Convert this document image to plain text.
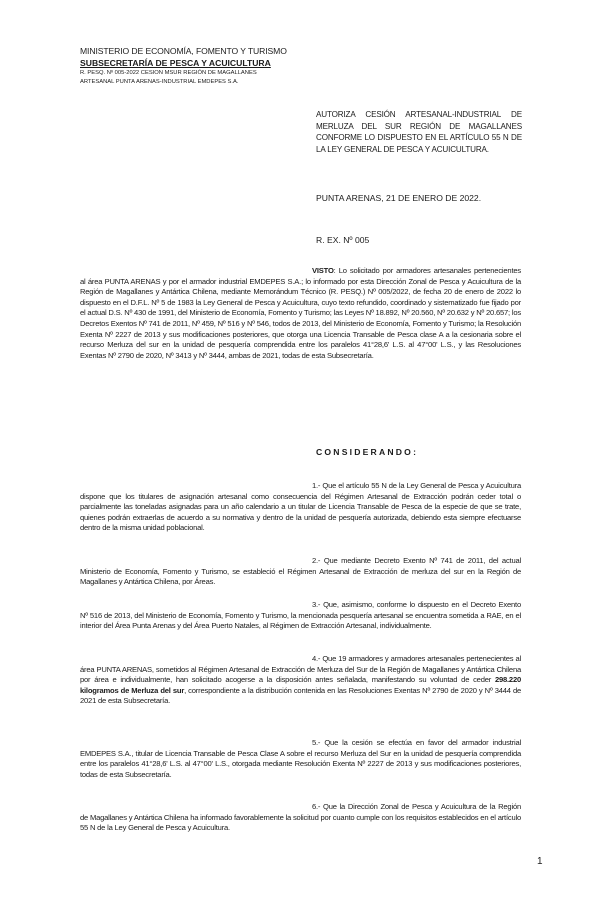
MINISTERIO DE ECONOMÍA, FOMENTO Y TURISMO
SUBSECRETARÍA DE PESCA Y ACUICULTURA
R. PESQ. Nº 005-2022 CESION MSUR REGIÓN DE MAGALLANES
ARTESANAL PUNTA ARENAS-INDUSTRIAL EMDEPES S.A.
AUTORIZA CESIÓN ARTESANAL-INDUSTRIAL DE MERLUZA DEL SUR REGIÓN DE MAGALLANES CONFORME LO DISPUESTO EN EL ARTÍCULO 55 N DE LA LEY GENERAL DE PESCA Y ACUICULTURA.
PUNTA ARENAS, 21 DE ENERO DE 2022.
R. EX. Nº 005
VISTO: Lo solicitado por armadores artesanales pertenecientes al área PUNTA ARENAS y por el armador industrial EMDEPES S.A.; lo informado por esta Dirección Zonal de Pesca y Acuicultura de la Región de Magallanes y Antártica Chilena, mediante Memorándum Técnico (R. PESQ.) Nº 005/2022, de fecha 20 de enero de 2022 lo dispuesto en el D.F.L. Nº 5 de 1983 la Ley General de Pesca y Acuicultura, cuyo texto refundido, coordinado y sistematizado fue fijado por el actual D.S. Nº 430 de 1991, del Ministerio de Economía, Fomento y Turismo; las Leyes Nº 18.892, Nº 20.560, Nº 20.632 y Nº 20.657; los Decretos Exentos Nº 741 de 2011, Nº 459, Nº 516 y Nº 546, todos de 2013, del Ministerio de Economía, Fomento y Turismo; la Resolución Exenta Nº 2227 de 2013 y sus modificaciones posteriores, que otorga una Licencia Transable de Pesca clase A a la cesionaria sobre el recurso Merluza del sur en la unidad de pesquería comprendida entre los paralelos 41°28,6' L.S. al 47°00' L.S., y las Resoluciones Exentas Nº 2790 de 2020, Nº 3413 y Nº 3444, ambas de 2021, todas de esta Subsecretaría.
CONSIDERANDO:
1.- Que el artículo 55 N de la Ley General de Pesca y Acuicultura dispone que los titulares de asignación artesanal como consecuencia del Régimen Artesanal de Extracción podrán ceder total o parcialmente las toneladas asignadas para un año calendario a un titular de Licencia Transable de Pesca de la especie de que se trate, quienes podrán extraerlas de acuerdo a su normativa y dentro de la unidad de pesquería autorizada, debiendo esta siempre efectuarse dentro de la misma unidad poblacional.
2.- Que mediante Decreto Exento Nº 741 de 2011, del actual Ministerio de Economía, Fomento y Turismo, se estableció el Régimen Artesanal de Extracción de merluza del sur en la Región de Magallanes y Antártica Chilena, por Áreas.
3.- Que, asimismo, conforme lo dispuesto en el Decreto Exento Nº 516 de 2013, del Ministerio de Economía, Fomento y Turismo, la mencionada pesquería artesanal se encuentra sometida a RAE, en el interior del Área Punta Arenas y del Área Puerto Natales, al Régimen de Extracción Artesanal, individualmente.
4.- Que 19 armadores y armadores artesanales pertenecientes al área PUNTA ARENAS, sometidos al Régimen Artesanal de Extracción de Merluza del Sur de la Región de Magallanes y Antártica Chilena por área e individualmente, han solicitado acogerse a la disposición antes señalada, manifestando su voluntad de ceder 298.220 kilogramos de Merluza del sur, correspondiente a la distribución contenida en las Resoluciones Exentas Nº 2790 de 2020 y Nº 3444 de 2021 de esta Subsecretaría.
5.- Que la cesión se efectúa en favor del armador industrial EMDEPES S.A., titular de Licencia Transable de Pesca Clase A sobre el recurso Merluza del Sur en la unidad de pesquería comprendida entre los paralelos 41°28,6' L.S. al 47°00' L.S., otorgada mediante Resolución Exenta Nº 2227 de 2013 y sus modificaciones posteriores, todas de esta Subsecretaría.
6.- Que la Dirección Zonal de Pesca y Acuicultura de la Región de Magallanes y Antártica Chilena ha informado favorablemente la solicitud por cuanto cumple con los requisitos establecidos en el artículo 55 N de la Ley General de Pesca y Acuicultura.
1
